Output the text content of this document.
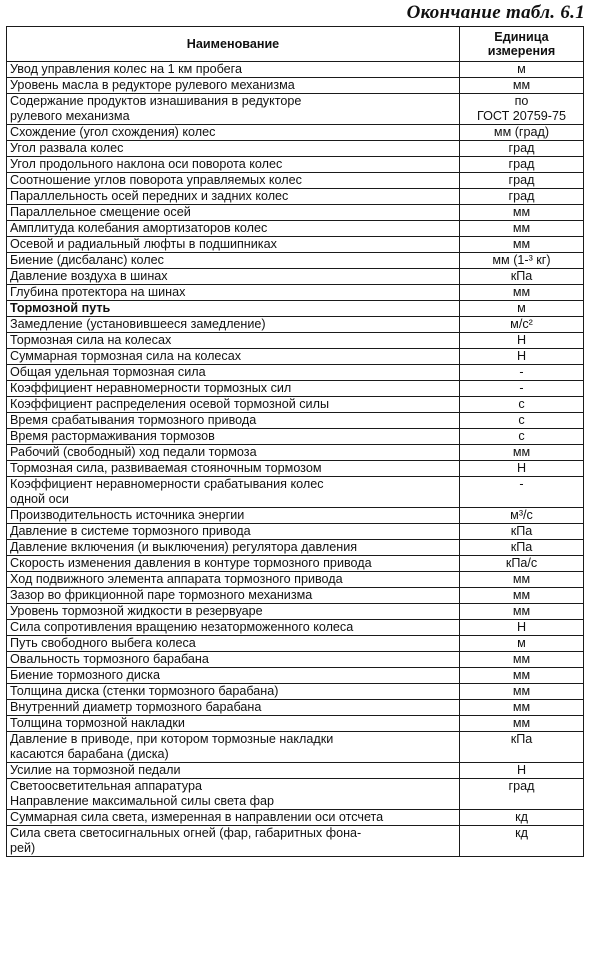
Окончание табл. 6.1
Наименование	Единица
измерения
Увод управления колес на 1 км пробега	м
Уровень масла в редукторе рулевого механизма	мм
Содержание продуктов изнашивания в редукторе
рулевого механизма	по
ГОСТ 20759-75
Схождение (угол схождения) колес	мм (град)
Угол развала колес	град
Угол продольного наклона оси поворота колес	град
Соотношение углов поворота управляемых колес	град
Параллельность осей передних и задних колес	град
Параллельное смещение осей	мм
Амплитуда колебания амортизаторов колес	мм
Осевой и радиальный люфты в подшипниках	мм
Биение (дисбаланс) колес	мм (1-³ кг)
Давление воздуха в шинах	кПа
Глубина протектора на шинах	мм
Тормозной путь	м
Замедление (установившееся замедление)	м/с²
Тормозная сила на колесах	Н
Суммарная тормозная сила на колесах	Н
Общая удельная тормозная сила	-
Коэффициент неравномерности тормозных сил	-
Коэффициент распределения осевой тормозной силы	с
Время срабатывания тормозного привода	с
Время растормаживания тормозов	с
Рабочий (свободный) ход педали тормоза	мм
Тормозная сила, развиваемая стояночным тормозом	Н
Коэффициент неравномерности срабатывания колес
одной оси	-
Производительность источника энергии	м³/с
Давление в системе тормозного привода	кПа
Давление включения (и выключения) регулятора давления	кПа
Скорость изменения давления в контуре тормозного привода	кПа/с
Ход подвижного элемента аппарата тормозного привода	мм
Зазор во фрикционной паре тормозного механизма	мм
Уровень тормозной жидкости в резервуаре	мм
Сила сопротивления вращению незаторможенного колеса	Н
Путь свободного выбега колеса	м
Овальность тормозного барабана	мм
Биение тормозного диска	мм
Толщина диска (стенки тормозного барабана)	мм
Внутренний диаметр тормозного барабана	мм
Толщина тормозной накладки	мм
Давление в приводе, при котором тормозные накладки
касаются барабана (диска)	кПа
Усилие на тормозной педали	Н
Светоосветительная аппаратура
Направление максимальной силы света фар	град
Суммарная сила света, измеренная в направлении оси отсчета	кд
Сила света светосигнальных огней (фар, габаритных фона-
рей)	кд
